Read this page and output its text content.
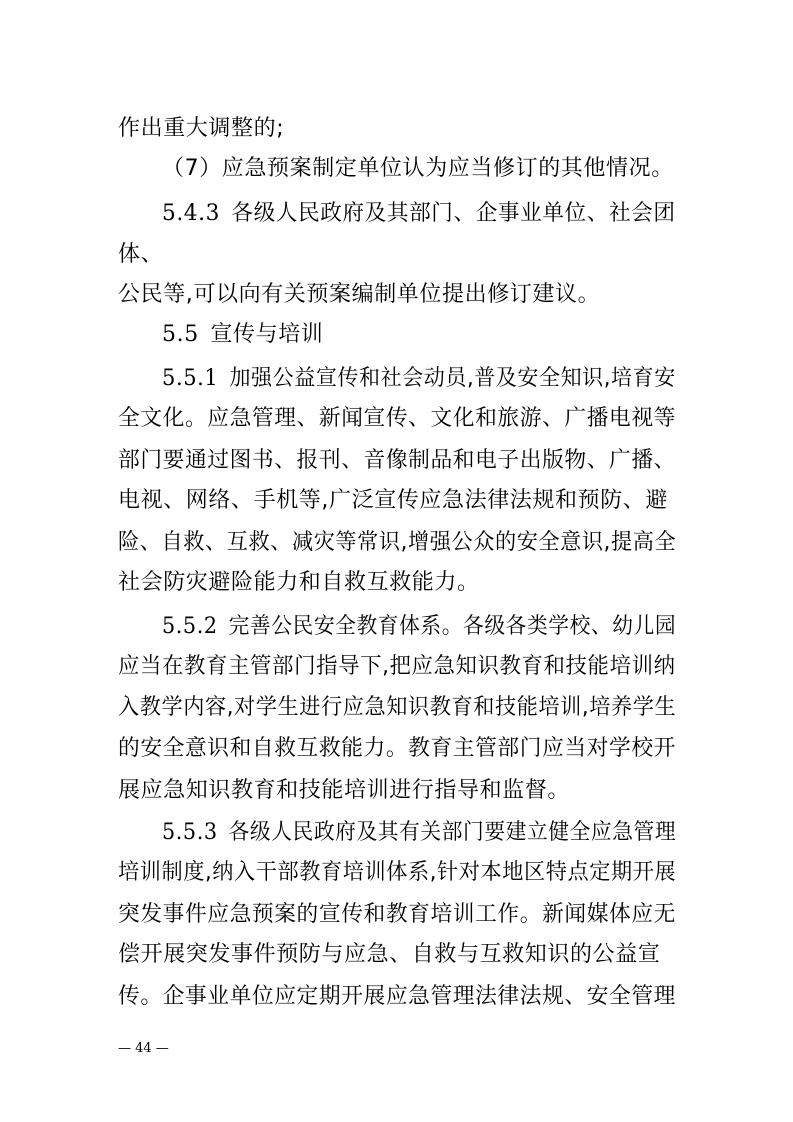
作出重大调整的;
（7）应急预案制定单位认为应当修订的其他情况。
5.4.3  各级人民政府及其部门、企事业单位、社会团
体、
公民等,可以向有关预案编制单位提出修订建议。
5.5  宣传与培训
5.5.1  加强公益宣传和社会动员,普及安全知识,培育安
全文化。应急管理、新闻宣传、文化和旅游、广播电视等
部门要通过图书、报刊、音像制品和电子出版物、广播、
电视、网络、手机等,广泛宣传应急法律法规和预防、避
险、自救、互救、减灾等常识,增强公众的安全意识,提高全
社会防灾避险能力和自救互救能力。
5.5.2  完善公民安全教育体系。各级各类学校、幼儿园
应当在教育主管部门指导下,把应急知识教育和技能培训纳
入教学内容,对学生进行应急知识教育和技能培训,培养学生
的安全意识和自救互救能力。教育主管部门应当对学校开
展应急知识教育和技能培训进行指导和监督。
5.5.3  各级人民政府及其有关部门要建立健全应急管理
培训制度,纳入干部教育培训体系,针对本地区特点定期开展
突发事件应急预案的宣传和教育培训工作。新闻媒体应无
偿开展突发事件预防与应急、自救与互救知识的公益宣
传。企事业单位应定期开展应急管理法律法规、安全管理
— 44 —
